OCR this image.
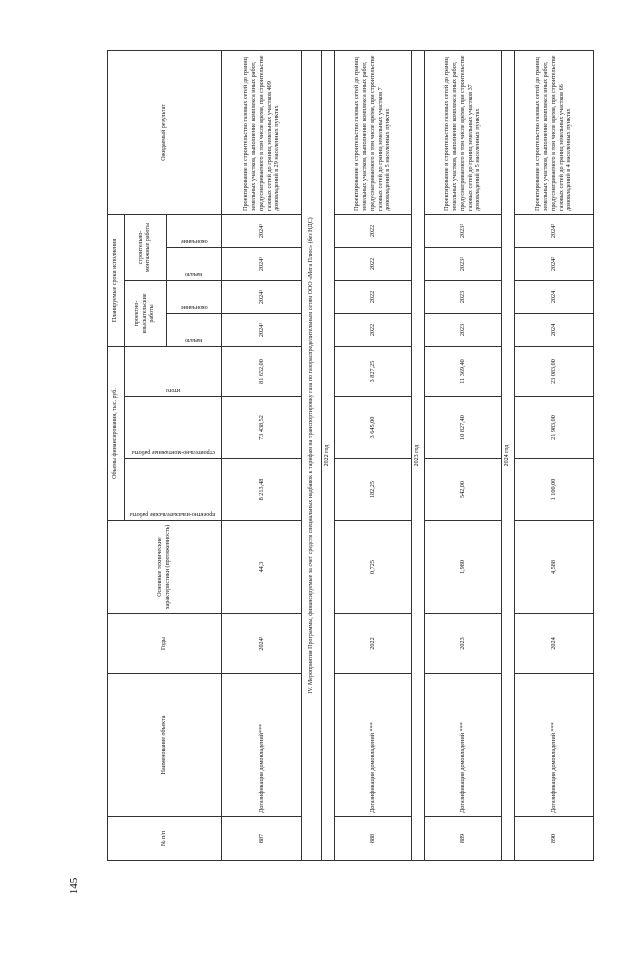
145
№ п/п	Наименование объекта	Годы	Основные технические характеристики (протяженность)	Объемы финансирования, тыс. руб.			Планируемые сроки исполнения				Ожидаемый результат

				проектно-изыскательские работы	строительно-монтажные работы	итого	проектно-изыскательские работы		строительно-монтажные работы		

							начало	окончание	начало	окончание	

887	Догазификация домовладений***	2024¹	44,3	8 213,48	73 438,52	81 652,00	2024¹	2024¹	2024¹	2024¹	Проектирование и строительство газовых сетей до границ земельных участков, выполнение комплекса иных работ, предусматриваемого в том числе время, при строительстве газовых сетей до границ земельных участков 409 домовладений в 29 населенных пунктах
IV. Мероприятия Программы, финансируемые за счет средств специальных надбавок к тарифам на транспортировку газа по газораспределительным сетям ООО «Мега Плюс» (без НДС)											
2022 год											
888	Догазификация домовладений ***	2022	0,725	182,25	3 645,00	3 827,25	2022	2022	2022	2022	Проектирование и строительство газовых сетей до границ земельных участков, выполнение комплекса иных работ, предусматриваемого в том числе время, при строительстве газовых сетей до границ земельных участков 7 домовладений в 5 населенных пунктах
2023 год											
889	Догазификация домовладений ***	2023	1,980	542,00	10 827,40	11 369,40	2023	2023	2023²	2023²	Проектирование и строительство газовых сетей до границ земельных участков, выполнение комплекса иных работ, предусматриваемого в том числе время, при строительстве газовых сетей до границ земельных участков 37 домовладений в 5 населенных пунктах
2024 год											
890	Догазификация домовладений ***	2024	4,588	1 100,00	21 983,00	23 083,00	2024	2024	2024²	2024²	Проектирование и строительство газовых сетей до границ земельных участков, выполнение комплекса иных работ, предусматриваемого в том числе время, при строительстве газовых сетей до границ земельных участков 66 домовладений в 4 населенных пунктах
